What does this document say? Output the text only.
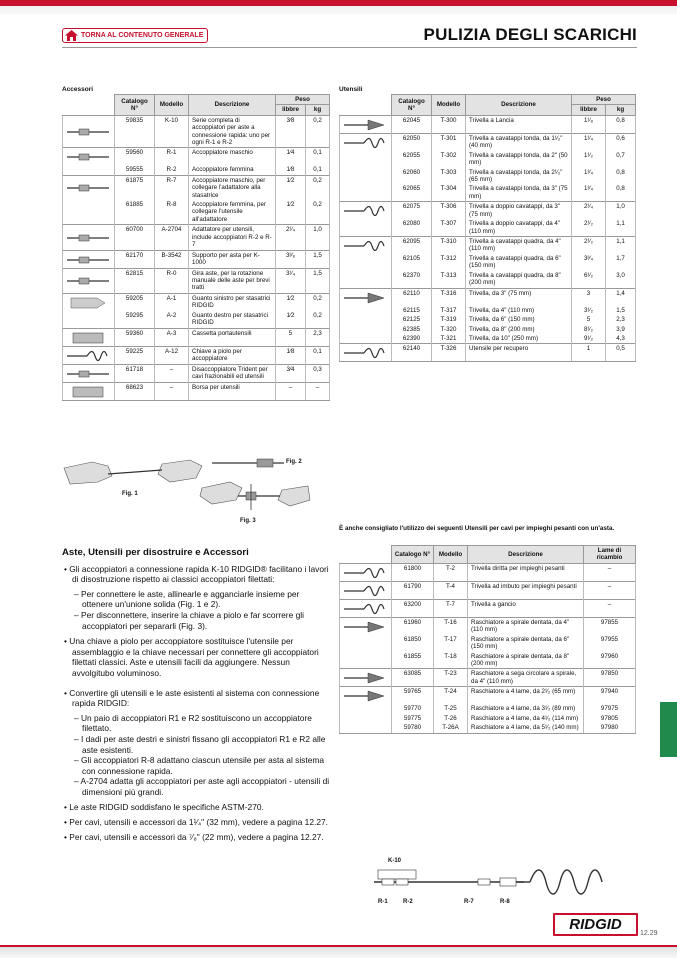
TORNA AL CONTENUTO GENERALE	PULIZIA DEGLI SCARICHI
Accessori
	Catalogo N°	Modello	Descrizione	Peso	
				libbre	kg

	59835	K-10	Serie completa di accoppiatori per aste a connessione rapida: uno per ogni R-1 e R-2	3⁄8	0,2

	59560	R-1	Accoppiatore maschio	1⁄4	0,1
	59555	R-2	Accoppiatore femmina	1⁄8	0,1

	61875	R-7	Accoppiatore maschio, per collegare l'adattatore alla stasatrice	1⁄2	0,2
	61885	R-8	Accoppiatore femmina, per collegare l'utensile all'adattatore	1⁄2	0,2

	60700	A-2704	Adattatore per utensili, include accoppiatori R-2 e R-7	2¹⁄₄	1,0

	62170	B-3542	Supporto per asta per K-1000	3³⁄₈	1,5

	62815	R-0	Gira aste, per la rotazione manuale delle aste per brevi tratti	3¹⁄₄	1,5

	59205	A-1	Guanto sinistro per stasatrici RIDGID	1⁄2	0,2
	59295	A-2	Guanto destro per stasatrici RIDGID	1⁄2	0,2

	59360	A-3	Cassetta portautensili	5	2,3

	59225	A-12	Chiave a piolo per accoppiatore	1⁄8	0,1

	61718	–	Disaccoppiatore Trident per cavi frazionabili ed utensili	3⁄4	0,3

	68623	–	Borsa per utensili	–	–
Utensili
	Catalogo N°	Modello	Descrizione	Peso	
				libbre	kg

	62045	T-300	Trivella a Lancia	1¹⁄₈	0,8

	62050	T-301	Trivella a cavatappi tonda, da 1¹⁄₂" (40 mm)	1¹⁄₄	0,6
	62055	T-302	Trivella a cavatappi tonda, da 2" (50 mm)	1¹⁄₂	0,7
	62060	T-303	Trivella a cavatappi tonda, da 2¹⁄₂" (65 mm)	1³⁄₄	0,8
	62065	T-304	Trivella a cavatappi tonda, da 3" (75 mm)	1³⁄₄	0,8

	62075	T-306	Trivella a doppio cavatappi, da 3" (75 mm)	2¹⁄₄	1,0
	62080	T-307	Trivella a doppio cavatappi, da 4" (110 mm)	2¹⁄₂	1,1

	62095	T-310	Trivella a cavatappi quadra, da 4" (110 mm)	2¹⁄₂	1,1
	62105	T-312	Trivella a cavatappi quadra, da 6" (150 mm)	3³⁄₄	1,7
	62370	T-313	Trivella a cavatappi quadra, da 8" (200 mm)	6¹⁄₂	3,0

	62110	T-316	Trivella, da 3" (75 mm)	3	1,4
	62115	T-317	Trivella, da 4" (110 mm)	3¹⁄₂	1,5
	62125	T-319	Trivella, da 6" (150 mm)	5	2,3
	62385	T-320	Trivella, da 8" (200 mm)	8¹⁄₂	3,9
	62390	T-321	Trivella, da 10" (250 mm)	9¹⁄₂	4,3

	62140	T-326	Utensile per recupero	1	0,5
Fig. 1
Fig. 2
Fig. 3
Aste, Utensili per disostruire e Accessori
• Gli accoppiatori a connessione rapida K-10 RIDGID® facilitano i lavori di disostruzione rispetto ai classici accoppiatori filettati:
– Per connettere le aste, allinearle e agganciarle insieme per ottenere un'unione solida (Fig. 1 e 2).
– Per disconnettere, inserire la chiave a piolo e far scorrere gli accoppiatori per separarli (Fig. 3).
• Una chiave a piolo per accoppiatore sostituisce l'utensile per assemblaggio e la chiave necessari per connettere gli accoppiatori filettati classici. Aste e utensili facili da aggiungere. Nessun avvolgitubo voluminoso.
• Convertire gli utensili e le aste esistenti al sistema con connessione rapida RIDGID:
– Un paio di accoppiatori R1 e R2 sostituiscono un accoppiatore filettato.
– I dadi per aste destri e sinistri fissano gli accoppiatori R1 e R2 alle aste esistenti.
– Gli accoppiatori R-8 adattano ciascun utensile per asta al sistema con connessione rapida.
– A-2704 adatta gli accoppiatori per aste agli accoppiatori - utensili di dimensioni più grandi.
• Le aste RIDGID soddisfano le specifiche ASTM-270.
• Per cavi, utensili e accessori da 1¹⁄₄" (32 mm), vedere a pagina 12.27.
• Per cavi, utensili e accessori da ⁷⁄₈" (22 mm), vedere a pagina 12.27.
È anche consigliato l'utilizzo dei seguenti Utensili per cavi per impieghi pesanti con un'asta.
	Catalogo N°	Modello	Descrizione	Lame di ricambio

	61800	T-2	Trivella diritta per impieghi pesanti	–

	61790	T-4	Trivella ad imbuto per impieghi pesanti	–

	63200	T-7	Trivella a gancio	–

	61960	T-16	Raschiatore a spirale dentata, da 4" (110 mm)	97855
	61850	T-17	Raschiatore a spirale dentata, da 6" (150 mm)	97955
	61855	T-18	Raschiatore a spirale dentata, da 8" (200 mm)	97960

	63085	T-23	Raschiatore a sega circolare a spirale, da 4" (110 mm)	97850

	59765	T-24	Raschiatore a 4 lame, da 2¹⁄₂ (65 mm)	97940
	59770	T-25	Raschiatore a 4 lame, da 3¹⁄₂ (89 mm)	97975
	59775	T-26	Raschiatore a 4 lame, da 4¹⁄₂ (114 mm)	97805
	59780	T-26A	Raschiatore a 4 lame, da 5¹⁄₂ (140 mm)	97980
K-10
R-1	R-2	R-7	R-8
RIDGID
12.29
